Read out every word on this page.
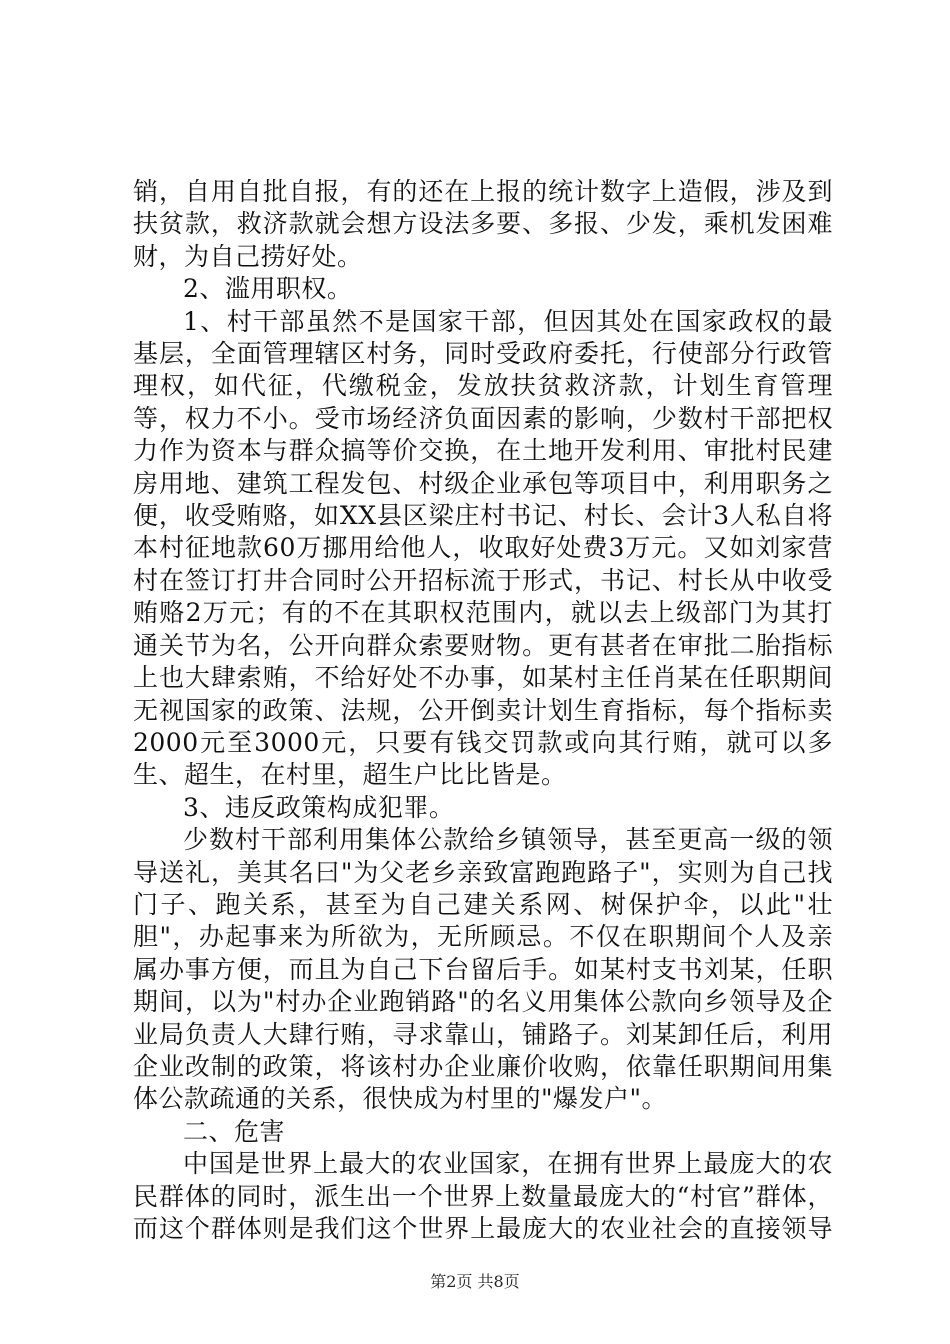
销，自用自批自报，有的还在上报的统计数字上造假，涉及到扶贫款，救济款就会想方设法多要、多报、少发，乘机发困难财，为自己捞好处。

2、滥用职权。

1、村干部虽然不是国家干部，但因其处在国家政权的最基层，全面管理辖区村务，同时受政府委托，行使部分行政管理权，如代征，代缴税金，发放扶贫救济款，计划生育管理等，权力不小。受市场经济负面因素的影响，少数村干部把权力作为资本与群众搞等价交换，在土地开发利用、审批村民建房用地、建筑工程发包、村级企业承包等项目中，利用职务之便，收受贿赂，如XX县区梁庄村书记、村长、会计3人私自将本村征地款60万挪用给他人，收取好处费3万元。又如刘家营村在签订打井合同时公开招标流于形式，书记、村长从中收受贿赂2万元；有的不在其职权范围内，就以去上级部门为其打通关节为名，公开向群众索要财物。更有甚者在审批二胎指标上也大肆索贿，不给好处不办事，如某村主任肖某在任职期间无视国家的政策、法规，公开倒卖计划生育指标，每个指标卖2000元至3000元，只要有钱交罚款或向其行贿，就可以多生、超生，在村里，超生户比比皆是。

3、违反政策构成犯罪。

少数村干部利用集体公款给乡镇领导，甚至更高一级的领导送礼，美其名曰"为父老乡亲致富跑跑路子"，实则为自己找门子、跑关系，甚至为自己建关系网、树保护伞，以此"壮胆"，办起事来为所欲为，无所顾忌。不仅在职期间个人及亲属办事方便，而且为自己下台留后手。如某村支书刘某，任职期间，以为"村办企业跑销路"的名义用集体公款向乡领导及企业局负责人大肆行贿，寻求靠山，铺路子。刘某卸任后，利用企业改制的政策，将该村办企业廉价收购，依靠任职期间用集体公款疏通的关系，很快成为村里的"爆发户"。

二、危害

中国是世界上最大的农业国家，在拥有世界上最庞大的农民群体的同时，派生出一个世界上数量最庞大的“村官”群体，而这个群体则是我们这个世界上最庞大的农业社会的直接领导

第2页 共8页
